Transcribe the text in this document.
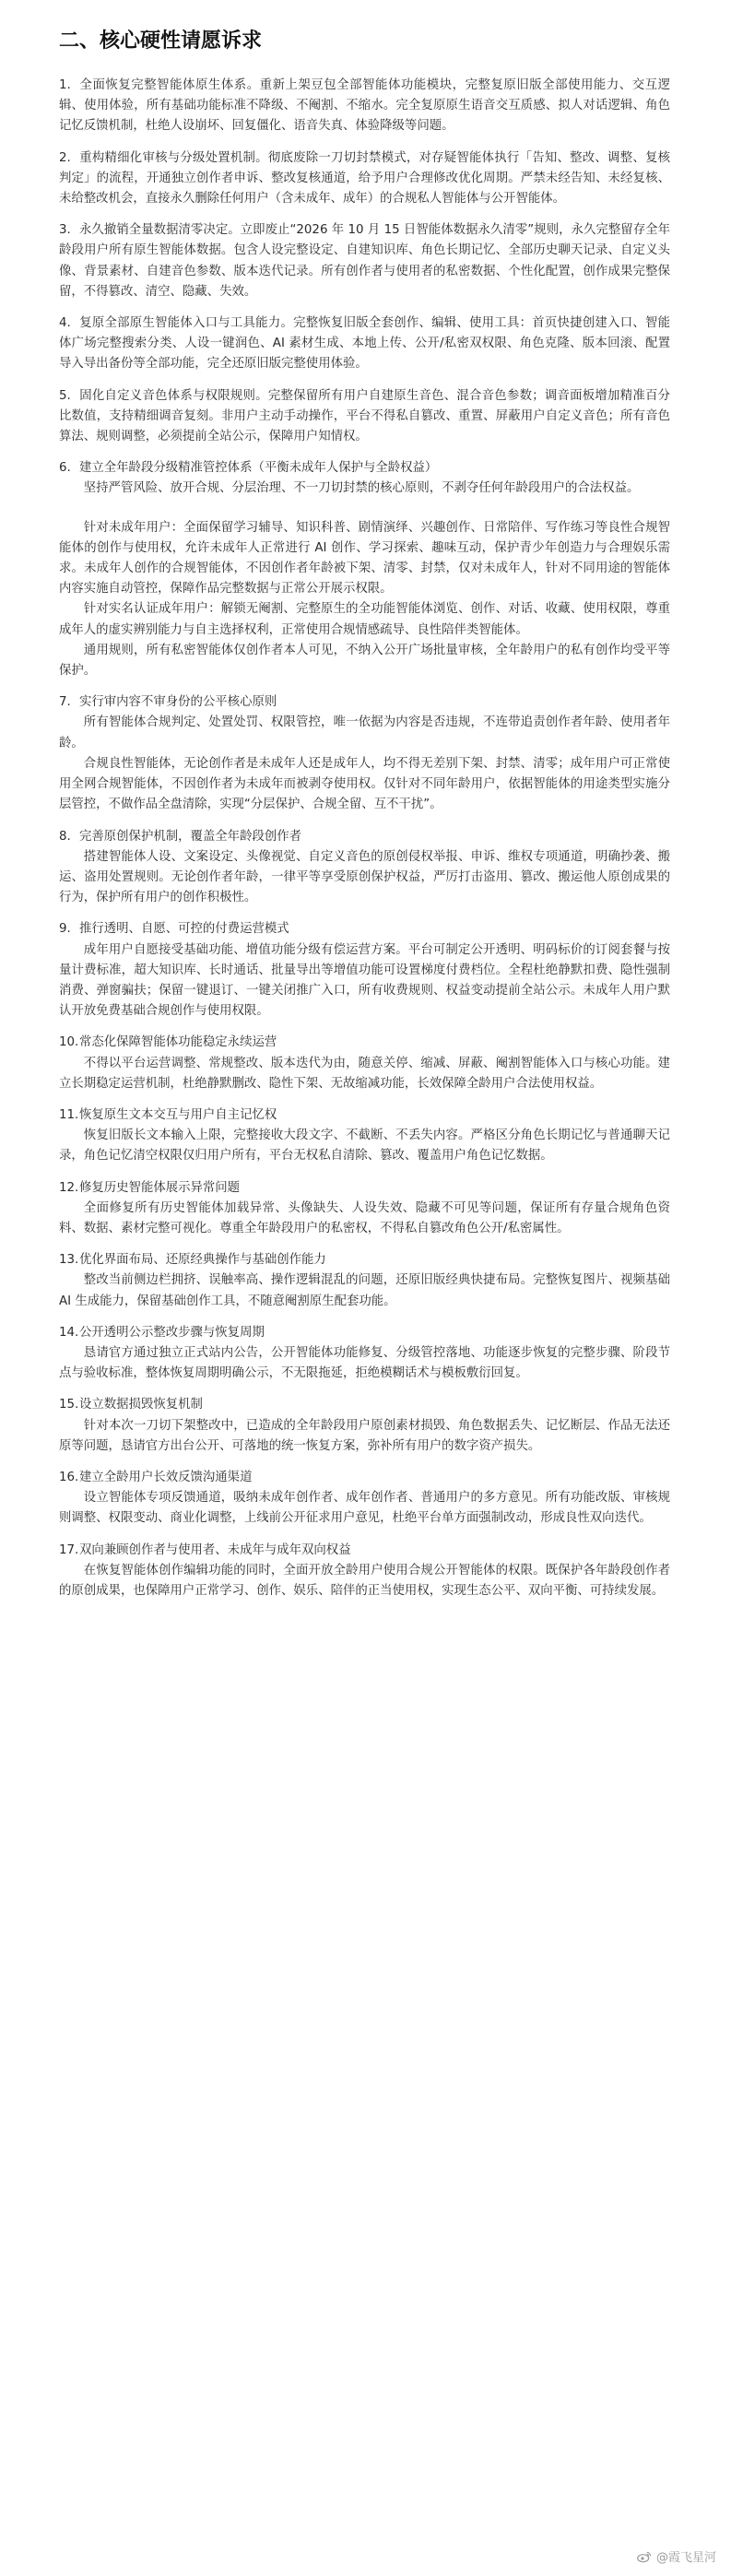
二、核心硬性请愿诉求

1. 全面恢复完整智能体原生体系。重新上架豆包全部智能体功能模块，完整复原旧版全部使用能力、交互逻辑、使用体验，所有基础功能标准不降级、不阉割、不缩水。完全复原原生语音交互质感、拟人对话逻辑、角色记忆反馈机制，杜绝人设崩坏、回复僵化、语音失真、体验降级等问题。

2. 重构精细化审核与分级处置机制。彻底废除一刀切封禁模式，对存疑智能体执行「告知、整改、调整、复核判定」的流程，开通独立创作者申诉、整改复核通道，给予用户合理修改优化周期。严禁未经告知、未经复核、未给整改机会，直接永久删除任何用户（含未成年、成年）的合规私人智能体与公开智能体。

3. 永久撤销全量数据清零决定。立即废止“2026 年 10 月 15 日智能体数据永久清零”规则，永久完整留存全年龄段用户所有原生智能体数据。包含人设完整设定、自建知识库、角色长期记忆、全部历史聊天记录、自定义头像、背景素材、自建音色参数、版本迭代记录。所有创作者与使用者的私密数据、个性化配置，创作成果完整保留，不得篡改、清空、隐藏、失效。

4. 复原全部原生智能体入口与工具能力。完整恢复旧版全套创作、编辑、使用工具：首页快捷创建入口、智能体广场完整搜索分类、人设一键润色、AI 素材生成、本地上传、公开/私密双权限、角色克隆、版本回滚、配置导入导出备份等全部功能，完全还原旧版完整使用体验。

5. 固化自定义音色体系与权限规则。完整保留所有用户自建原生音色、混合音色参数；调音面板增加精准百分比数值，支持精细调音复刻。非用户主动手动操作，平台不得私自篡改、重置、屏蔽用户自定义音色；所有音色算法、规则调整，必须提前全站公示，保障用户知情权。

6. 建立全年龄段分级精准管控体系（平衡未成年人保护与全龄权益）

坚持严管风险、放开合规、分层治理、不一刀切封禁的核心原则，不剥夺任何年龄段用户的合法权益。

针对未成年用户：全面保留学习辅导、知识科普、剧情演绎、兴趣创作、日常陪伴、写作练习等良性合规智能体的创作与使用权，允许未成年人正常进行 AI 创作、学习探索、趣味互动，保护青少年创造力与合理娱乐需求。未成年人创作的合规智能体，不因创作者年龄被下架、清零、封禁，仅对未成年人，针对不同用途的智能体内容实施自动管控，保障作品完整数据与正常公开展示权限。

针对实名认证成年用户：解锁无阉割、完整原生的全功能智能体浏览、创作、对话、收藏、使用权限，尊重成年人的虚实辨别能力与自主选择权利，正常使用合规情感疏导、良性陪伴类智能体。

通用规则，所有私密智能体仅创作者本人可见，不纳入公开广场批量审核，全年龄用户的私有创作均受平等保护。

7. 实行审内容不审身份的公平核心原则

所有智能体合规判定、处置处罚、权限管控，唯一依据为内容是否违规，不连带追责创作者年龄、使用者年龄。

合规良性智能体，无论创作者是未成年人还是成年人，均不得无差别下架、封禁、清零；成年用户可正常使用全网合规智能体，不因创作者为未成年而被剥夺使用权。仅针对不同年龄用户，依据智能体的用途类型实施分层管控，不做作品全盘清除，实现“分层保护、合规全留、互不干扰”。

8. 完善原创保护机制，覆盖全年龄段创作者

搭建智能体人设、文案设定、头像视觉、自定义音色的原创侵权举报、申诉、维权专项通道，明确抄袭、搬运、盗用处置规则。无论创作者年龄，一律平等享受原创保护权益，严厉打击盗用、篡改、搬运他人原创成果的行为，保护所有用户的创作积极性。

9. 推行透明、自愿、可控的付费运营模式

成年用户自愿接受基础功能、增值功能分级有偿运营方案。平台可制定公开透明、明码标价的订阅套餐与按量计费标准，超大知识库、长时通话、批量导出等增值功能可设置梯度付费档位。全程杜绝静默扣费、隐性强制消费、弹窗骗扶；保留一键退订、一键关闭推广入口，所有收费规则、权益变动提前全站公示。未成年人用户默认开放免费基础合规创作与使用权限。

10. 常态化保障智能体功能稳定永续运营

不得以平台运营调整、常规整改、版本迭代为由，随意关停、缩减、屏蔽、阉割智能体入口与核心功能。建立长期稳定运营机制，杜绝静默删改、隐性下架、无故缩减功能，长效保障全龄用户合法使用权益。

11. 恢复原生文本交互与用户自主记忆权

恢复旧版长文本输入上限，完整接收大段文字、不截断、不丢失内容。严格区分角色长期记忆与普通聊天记录，角色记忆清空权限仅归用户所有，平台无权私自清除、篡改、覆盖用户角色记忆数据。

12. 修复历史智能体展示异常问题

全面修复所有历史智能体加载异常、头像缺失、人设失效、隐藏不可见等问题，保证所有存量合规角色资料、数据、素材完整可视化。尊重全年龄段用户的私密权，不得私自篡改角色公开/私密属性。

13. 优化界面布局、还原经典操作与基础创作能力

整改当前侧边栏拥挤、误触率高、操作逻辑混乱的问题，还原旧版经典快捷布局。完整恢复图片、视频基础 AI 生成能力，保留基础创作工具，不随意阉割原生配套功能。

14. 公开透明公示整改步骤与恢复周期

恳请官方通过独立正式站内公告，公开智能体功能修复、分级管控落地、功能逐步恢复的完整步骤、阶段节点与验收标准，整体恢复周期明确公示，不无限拖延，拒绝模糊话术与模板敷衍回复。

15. 设立数据损毁恢复机制

针对本次一刀切下架整改中，已造成的全年龄段用户原创素材损毁、角色数据丢失、记忆断层、作品无法还原等问题，恳请官方出台公开、可落地的统一恢复方案，弥补所有用户的数字资产损失。

16. 建立全龄用户长效反馈沟通渠道

设立智能体专项反馈通道，吸纳未成年创作者、成年创作者、普通用户的多方意见。所有功能改版、审核规则调整、权限变动、商业化调整，上线前公开征求用户意见，杜绝平台单方面强制改动，形成良性双向迭代。

17. 双向兼顾创作者与使用者、未成年与成年双向权益

在恢复智能体创作编辑功能的同时，全面开放全龄用户使用合规公开智能体的权限。既保护各年龄段创作者的原创成果，也保障用户正常学习、创作、娱乐、陪伴的正当使用权，实现生态公平、双向平衡、可持续发展。

@霞飞星河
